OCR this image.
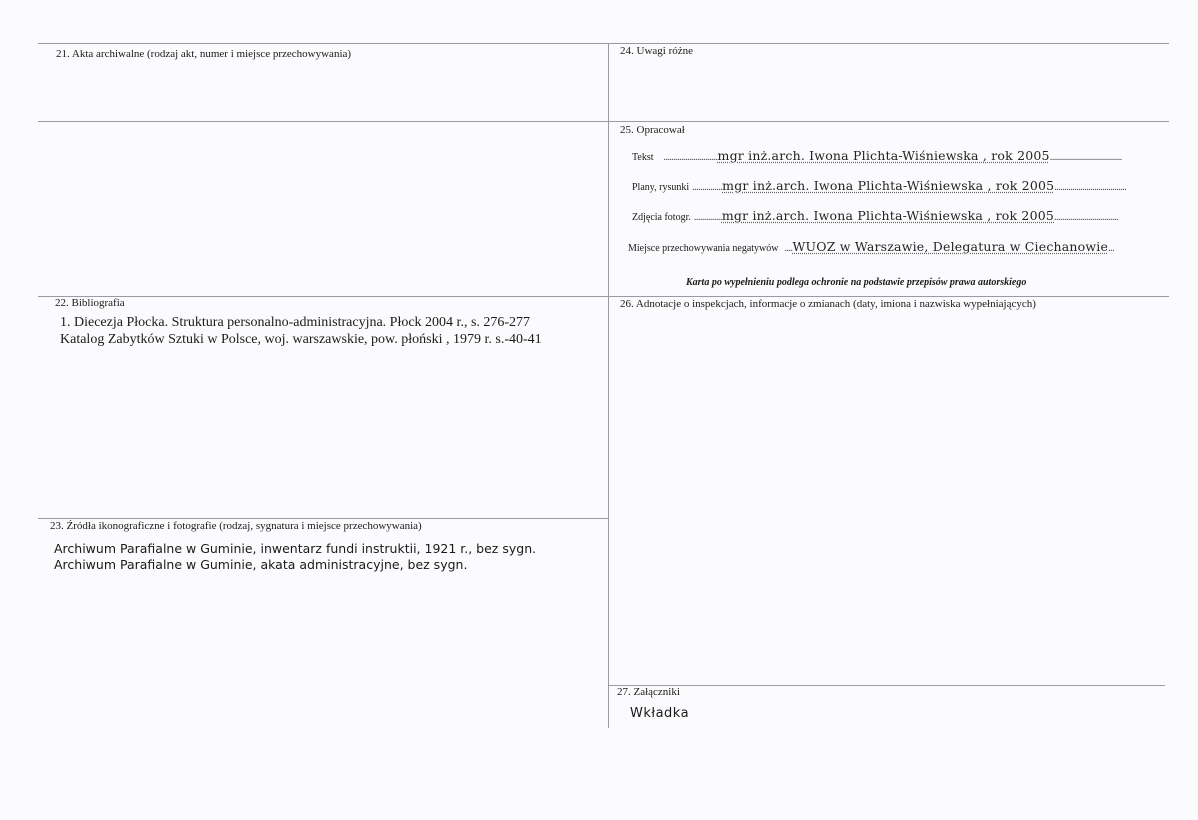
21. Akta archiwalne (rodzaj akt, numer i miejsce przechowywania)	24. Uwagi różne
25. Opracował
Tekst ........................... mgr inż.arch. Iwona Plichta-Wiśniewska , rok 2005 ....................................
Plany, rysunki ............... mgr inż.arch. Iwona Plichta-Wiśniewska , rok 2005 ....................................
Zdjęcia fotogr. .............. mgr inż.arch. Iwona Plichta-Wiśniewska , rok 2005 ................................
Miejsce przechowywania negatywów .... WUOZ w Warszawie, Delegatura w Ciechanowie ...
Karta po wypełnieniu podlega ochronie na podstawie przepisów prawa autorskiego
22. Bibliografia
1. Diecezja Płocka. Struktura personalno-administracyjna. Płock 2004 r., s. 276-277
Katalog Zabytków Sztuki w Polsce, woj. warszawskie, pow. płoński , 1979 r. s.-40-41
26. Adnotacje o inspekcjach, informacje o zmianach (daty, imiona i nazwiska wypełniających)
23. Źródła ikonograficzne i fotografie (rodzaj, sygnatura i miejsce przechowywania)
Archiwum Parafialne w Guminie, inwentarz fundi instruktii, 1921 r., bez sygn.
Archiwum Parafialne w Guminie, akata administracyjne, bez sygn.
27. Załączniki
Wkładka
